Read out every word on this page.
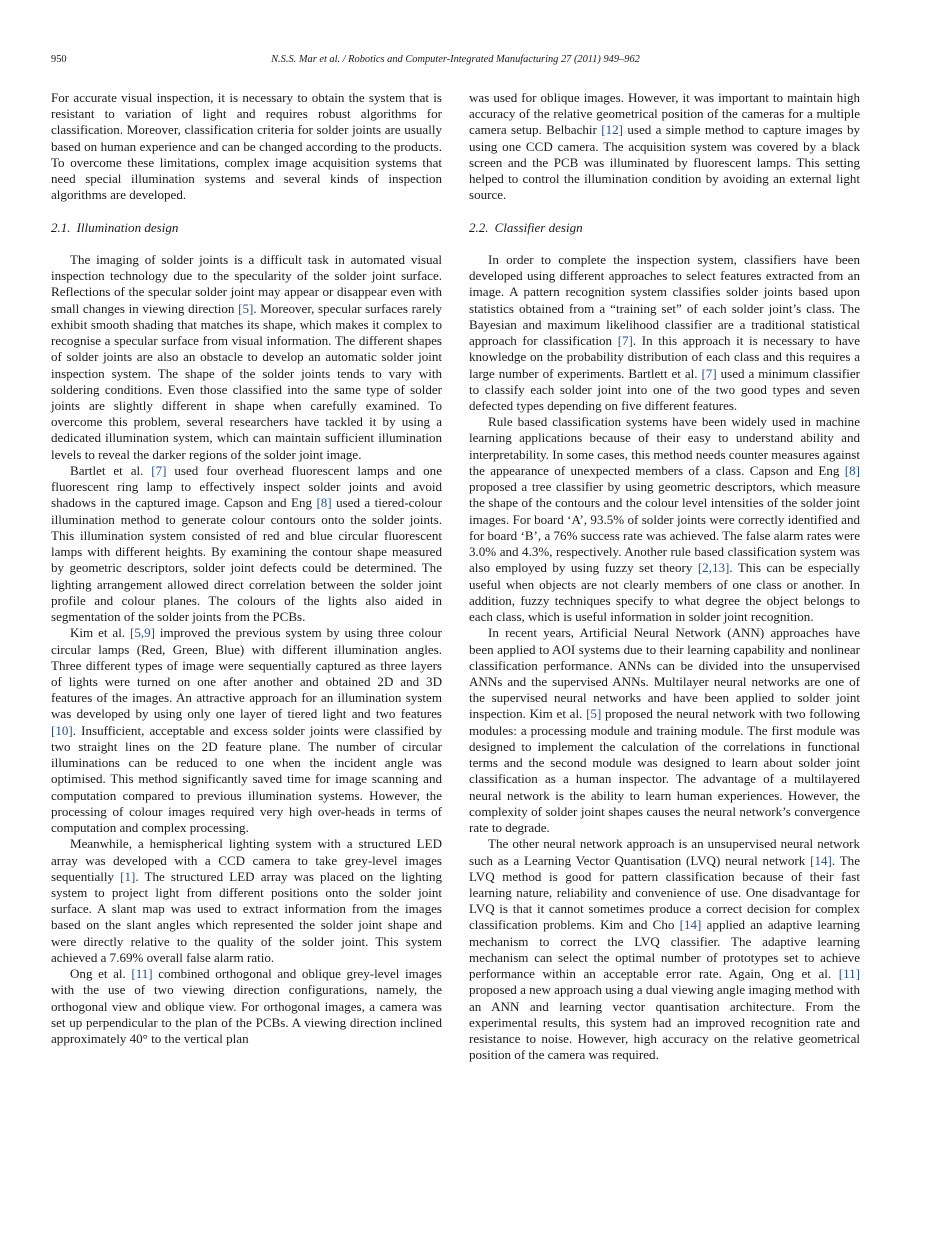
950	N.S.S. Mar et al. / Robotics and Computer-Integrated Manufacturing 27 (2011) 949–962

For accurate visual inspection, it is necessary to obtain the system that is resistant to variation of light and requires robust algorithms for classification. Moreover, classification criteria for solder joints are usually based on human experience and can be changed according to the products. To overcome these limitations, complex image acquisition systems that need special illumination systems and several kinds of inspection algorithms are developed.

2.1. Illumination design

The imaging of solder joints is a difficult task in automated visual inspection technology due to the specularity of the solder joint surface. Reflections of the specular solder joint may appear or disappear even with small changes in viewing direction [5]. Moreover, specular surfaces rarely exhibit smooth shading that matches its shape, which makes it complex to recognise a specular surface from visual information. The different shapes of solder joints are also an obstacle to develop an automatic solder joint inspection system. The shape of the solder joints tends to vary with soldering conditions. Even those classified into the same type of solder joints are slightly different in shape when carefully examined. To overcome this problem, several researchers have tackled it by using a dedicated illumination system, which can maintain sufficient illumination levels to reveal the darker regions of the solder joint image.

Bartlet et al. [7] used four overhead fluorescent lamps and one fluorescent ring lamp to effectively inspect solder joints and avoid shadows in the captured image. Capson and Eng [8] used a tiered-colour illumination method to generate colour contours onto the solder joints. This illumination system consisted of red and blue circular fluorescent lamps with different heights. By examining the contour shape measured by geometric descriptors, solder joint defects could be determined. The lighting arrangement allowed direct correlation between the solder joint profile and colour planes. The colours of the lights also aided in segmentation of the solder joints from the PCBs.

Kim et al. [5,9] improved the previous system by using three colour circular lamps (Red, Green, Blue) with different illumination angles. Three different types of image were sequentially captured as three layers of lights were turned on one after another and obtained 2D and 3D features of the images. An attractive approach for an illumination system was developed by using only one layer of tiered light and two features [10]. Insufficient, acceptable and excess solder joints were classified by two straight lines on the 2D feature plane. The number of circular illuminations can be reduced to one when the incident angle was optimised. This method significantly saved time for image scanning and computation compared to previous illumination systems. However, the processing of colour images required very high over-heads in terms of computation and complex processing.

Meanwhile, a hemispherical lighting system with a structured LED array was developed with a CCD camera to take grey-level images sequentially [1]. The structured LED array was placed on the lighting system to project light from different positions onto the solder joint surface. A slant map was used to extract information from the images based on the slant angles which represented the solder joint shape and were directly relative to the quality of the solder joint. This system achieved a 7.69% overall false alarm ratio.

Ong et al. [11] combined orthogonal and oblique grey-level images with the use of two viewing direction configurations, namely, the orthogonal view and oblique view. For orthogonal images, a camera was set up perpendicular to the plan of the PCBs. A viewing direction inclined approximately 40° to the vertical plan

was used for oblique images. However, it was important to maintain high accuracy of the relative geometrical position of the cameras for a multiple camera setup. Belbachir [12] used a simple method to capture images by using one CCD camera. The acquisition system was covered by a black screen and the PCB was illuminated by fluorescent lamps. This setting helped to control the illumination condition by avoiding an external light source.

2.2. Classifier design

In order to complete the inspection system, classifiers have been developed using different approaches to select features extracted from an image. A pattern recognition system classifies solder joints based upon statistics obtained from a “training set” of each solder joint’s class. The Bayesian and maximum likelihood classifier are a traditional statistical approach for classification [7]. In this approach it is necessary to have knowledge on the probability distribution of each class and this requires a large number of experiments. Bartlett et al. [7] used a minimum classifier to classify each solder joint into one of the two good types and seven defected types depending on five different features.

Rule based classification systems have been widely used in machine learning applications because of their easy to understand ability and interpretability. In some cases, this method needs counter measures against the appearance of unexpected members of a class. Capson and Eng [8] proposed a tree classifier by using geometric descriptors, which measure the shape of the contours and the colour level intensities of the solder joint images. For board ‘A’, 93.5% of solder joints were correctly identified and for board ‘B’, a 76% success rate was achieved. The false alarm rates were 3.0% and 4.3%, respectively. Another rule based classification system was also employed by using fuzzy set theory [2,13]. This can be especially useful when objects are not clearly members of one class or another. In addition, fuzzy techniques specify to what degree the object belongs to each class, which is useful information in solder joint recognition.

In recent years, Artificial Neural Network (ANN) approaches have been applied to AOI systems due to their learning capability and nonlinear classification performance. ANNs can be divided into the unsupervised ANNs and the supervised ANNs. Multilayer neural networks are one of the supervised neural networks and have been applied to solder joint inspection. Kim et al. [5] proposed the neural network with two following modules: a processing module and training module. The first module was designed to implement the calculation of the correlations in functional terms and the second module was designed to learn about solder joint classification as a human inspector. The advantage of a multilayered neural network is the ability to learn human experiences. However, the complexity of solder joint shapes causes the neural network’s convergence rate to degrade.

The other neural network approach is an unsupervised neural network such as a Learning Vector Quantisation (LVQ) neural network [14]. The LVQ method is good for pattern classification because of their fast learning nature, reliability and convenience of use. One disadvantage for LVQ is that it cannot sometimes produce a correct decision for complex classification problems. Kim and Cho [14] applied an adaptive learning mechanism to correct the LVQ classifier. The adaptive learning mechanism can select the optimal number of prototypes set to achieve performance within an acceptable error rate. Again, Ong et al. [11] proposed a new approach using a dual viewing angle imaging method with an ANN and learning vector quantisation architecture. From the experimental results, this system had an improved recognition rate and resistance to noise. However, high accuracy on the relative geometrical position of the camera was required.
